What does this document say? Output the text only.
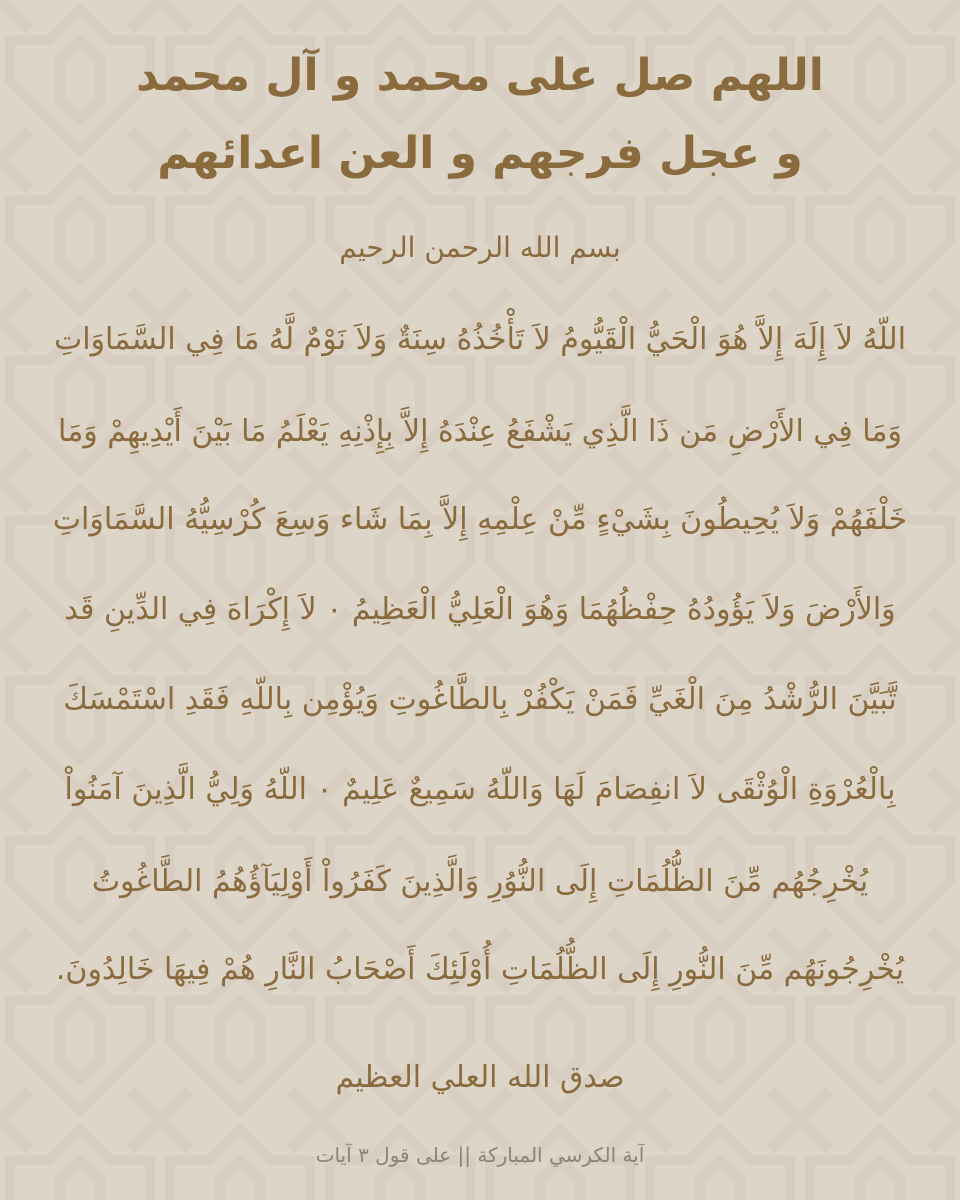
اللهم صل على محمد و آل محمد
و عجل فرجهم و العن اعدائهم
بسم الله الرحمن الرحيم
اللّهُ لاَ إِلَهَ إِلاَّ هُوَ الْحَيُّ الْقَيُّومُ لاَ تَأْخُذُهُ سِنَةٌ وَلاَ نَوْمٌ لَّهُ مَا فِي السَّمَاوَاتِ
وَمَا فِي الأَرْضِ مَن ذَا الَّذِي يَشْفَعُ عِنْدَهُ إِلاَّ بِإِذْنِهِ يَعْلَمُ مَا بَيْنَ أَيْدِيهِمْ وَمَا
خَلْفَهُمْ وَلاَ يُحِيطُونَ بِشَيْءٍ مِّنْ عِلْمِهِ إِلاَّ بِمَا شَاء وَسِعَ كُرْسِيُّهُ السَّمَاوَاتِ
وَالأَرْضَ وَلاَ يَؤُودُهُ حِفْظُهُمَا وَهُوَ الْعَلِيُّ الْعَظِيمُ ۰ لاَ إِكْرَاهَ فِي الدِّينِ قَد
تَّبَيَّنَ الرُّشْدُ مِنَ الْغَيِّ فَمَنْ يَكْفُرْ بِالطَّاغُوتِ وَيُؤْمِن بِاللّهِ فَقَدِ اسْتَمْسَكَ
بِالْعُرْوَةِ الْوُثْقَى لاَ انفِصَامَ لَهَا وَاللّهُ سَمِيعٌ عَلِيمٌ ۰ اللّهُ وَلِيُّ الَّذِينَ آمَنُواْ
يُخْرِجُهُم مِّنَ الظُّلُمَاتِ إِلَى النُّوُرِ وَالَّذِينَ كَفَرُواْ أَوْلِيَآؤُهُمُ الطَّاغُوتُ
يُخْرِجُونَهُم مِّنَ النُّورِ إِلَى الظُّلُمَاتِ أُوْلَئِكَ أَصْحَابُ النَّارِ هُمْ فِيهَا خَالِدُونَ.
صدق الله العلي العظيم
آية الكرسي المباركة || على قول ٣ آيات
